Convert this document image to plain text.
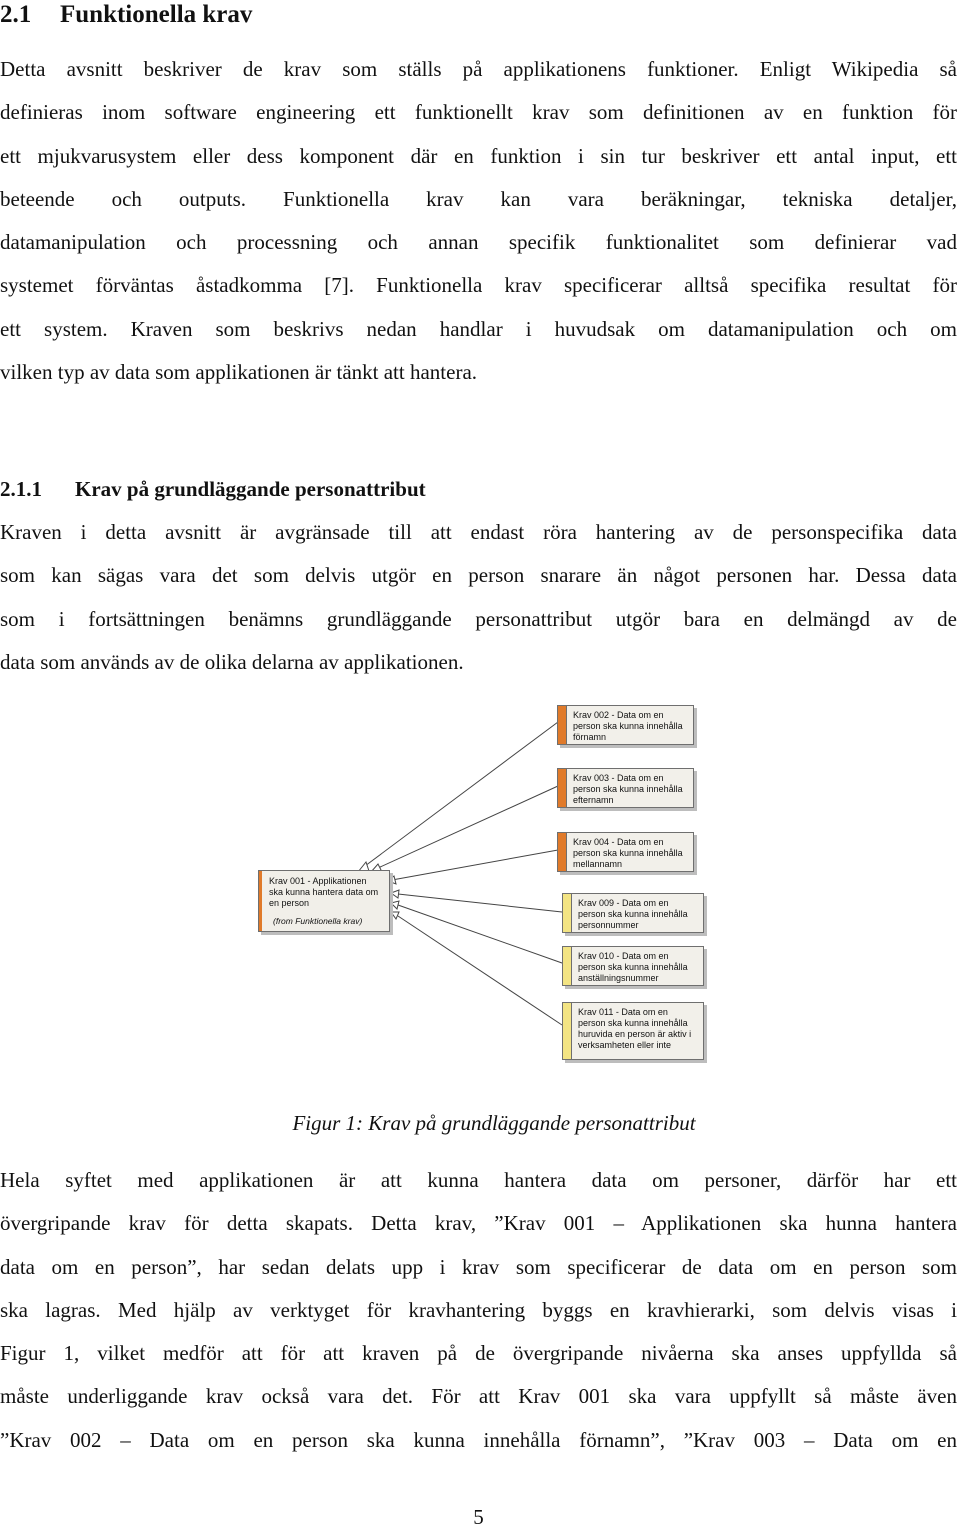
2.1 Funktionella krav
Detta avsnitt beskriver de krav som ställs på applikationens funktioner. Enligt Wikipedia så
definieras inom software engineering ett funktionellt krav som definitionen av en funktion för
ett mjukvarusystem eller dess komponent där en funktion i sin tur beskriver ett antal input, ett
beteende och outputs. Funktionella krav kan vara beräkningar, tekniska detaljer,
datamanipulation och processning och annan specifik funktionalitet som definierar vad
systemet förväntas åstadkomma [7]. Funktionella krav specificerar alltså specifika resultat för
ett system. Kraven som beskrivs nedan handlar i huvudsak om datamanipulation och om
vilken typ av data som applikationen är tänkt att hantera.
2.1.1 Krav på grundläggande personattribut
Kraven i detta avsnitt är avgränsade till att endast röra hantering av de personspecifika data
som kan sägas vara det som delvis utgör en person snarare än något personen har. Dessa data
som i fortsättningen benämns grundläggande personattribut utgör bara en delmängd av de
data som används av de olika delarna av applikationen.
Krav 001 - Applikationen
ska kunna hantera data om
en person
(from Funktionella krav)
Krav 002 - Data om en
person ska kunna innehålla
förnamn
Krav 003 - Data om en
person ska kunna innehålla
efternamn
Krav 004 - Data om en
person ska kunna innehålla
mellannamn
Krav 009 - Data om en
person ska kunna innehålla
personnummer
Krav 010 - Data om en
person ska kunna innehålla
anställningsnummer
Krav 011 - Data om en
person ska kunna innehålla
huruvida en person är aktiv i
verksamheten eller inte
Figur 1: Krav på grundläggande personattribut
Hela syftet med applikationen är att kunna hantera data om personer, därför har ett
övergripande krav för detta skapats. Detta krav, ”Krav 001 – Applikationen ska hunna hantera
data om en person”, har sedan delats upp i krav som specificerar de data om en person som
ska lagras. Med hjälp av verktyget för kravhantering byggs en kravhierarki, som delvis visas i
Figur 1, vilket medför att för att kraven på de övergripande nivåerna ska anses uppfyllda så
måste underliggande krav också vara det. För att Krav 001 ska vara uppfyllt så måste även
”Krav 002 – Data om en person ska kunna innehålla förnamn”, ”Krav 003 – Data om en
5
